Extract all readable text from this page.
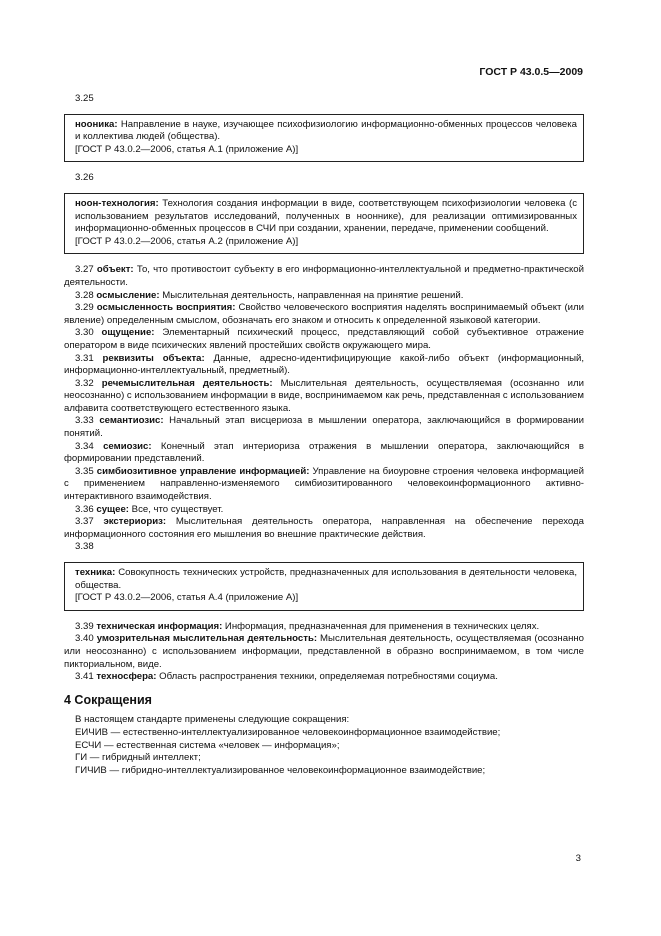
ГОСТ Р 43.0.5—2009

3.25

нооника: Направление в науке, изучающее психофизиологию информационно-обменных процессов человека и коллектива людей (общества).

[ГОСТ Р 43.0.2—2006, статья А.1 (приложение А)]

3.26

ноон-технология: Технология создания информации в виде, соответствующем психофизиологии человека (с использованием результатов исследований, полученных в нооннике), для реализации оптимизированных информационно-обменных процессов в СЧИ при создании, хранении, передаче, применении сообщений.

[ГОСТ Р 43.0.2—2006, статья А.2 (приложение А)]

3.27 объект: То, что противостоит субъекту в его информационно-интеллектуальной и предметно-практической деятельности.

3.28 осмысление: Мыслительная деятельность, направленная на принятие решений.

3.29 осмысленность восприятия: Свойство человеческого восприятия наделять воспринимаемый объект (или явление) определенным смыслом, обозначать его знаком и относить к определенной языковой категории.

3.30 ощущение: Элементарный психический процесс, представляющий собой субъективное отражение оператором в виде психических явлений простейших свойств окружающего мира.

3.31 реквизиты объекта: Данные, адресно-идентифицирующие какой-либо объект (информационный, информационно-интеллектуальный, предметный).

3.32 речемыслительная деятельность: Мыслительная деятельность, осуществляемая (осознанно или неосознанно) с использованием информации в виде, воспринимаемом как речь, представленная с использованием алфавита соответствующего естественного языка.

3.33 семантиозис: Начальный этап висцериоза в мышлении оператора, заключающийся в формировании понятий.

3.34 семиозис: Конечный этап интериориза отражения в мышлении оператора, заключающийся в формировании представлений.

3.35 симбиозитивное управление информацией: Управление на биоуровне строения человека информацией с применением направленно-изменяемого симбиозитированного человекоинформационного активно-интерактивного взаимодействия.

3.36 сущее: Все, что существует.

3.37 экстериориз: Мыслительная деятельность оператора, направленная на обеспечение перехода информационного состояния его мышления во внешние практические действия.

3.38

техника: Совокупность технических устройств, предназначенных для использования в деятельности человека, общества.

[ГОСТ Р 43.0.2—2006, статья А.4 (приложение А)]

3.39 техническая информация: Информация, предназначенная для применения в технических целях.

3.40 умозрительная мыслительная деятельность: Мыслительная деятельность, осуществляемая (осознанно или неосознанно) с использованием информации, представленной в образно воспринимаемом, в том числе пикториальном, виде.

3.41 техносфера: Область распространения техники, определяемая потребностями социума.

4 Сокращения

В настоящем стандарте применены следующие сокращения:

ЕИЧИВ — естественно-интеллектуализированное человекоинформационное взаимодействие;

ЕСЧИ — естественная система «человек — информация»;

ГИ — гибридный интеллект;

ГИЧИВ — гибридно-интеллектуализированное человекоинформационное взаимодействие;

3
